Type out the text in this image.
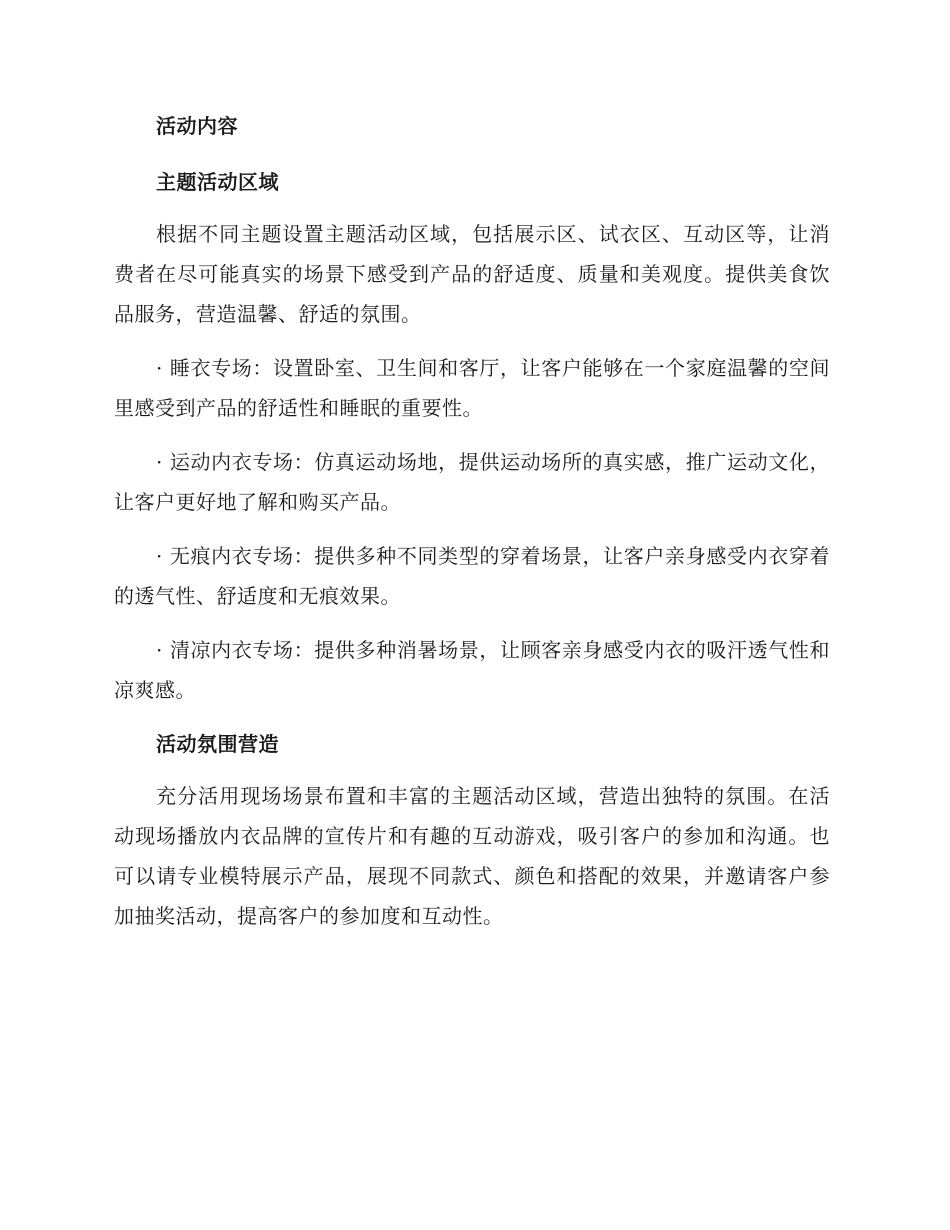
活动内容
主题活动区域

根据不同主题设置主题活动区域，包括展示区、试衣区、互动区等，让消费者在尽可能真实的场景下感受到产品的舒适度、质量和美观度。提供美食饮品服务，营造温馨、舒适的氛围。

· 睡衣专场：设置卧室、卫生间和客厅，让客户能够在一个家庭温馨的空间里感受到产品的舒适性和睡眠的重要性。

· 运动内衣专场：仿真运动场地，提供运动场所的真实感，推广运动文化，让客户更好地了解和购买产品。

· 无痕内衣专场：提供多种不同类型的穿着场景，让客户亲身感受内衣穿着的透气性、舒适度和无痕效果。

· 清凉内衣专场：提供多种消暑场景，让顾客亲身感受内衣的吸汗透气性和凉爽感。

活动氛围营造

充分活用现场场景布置和丰富的主题活动区域，营造出独特的氛围。在活动现场播放内衣品牌的宣传片和有趣的互动游戏，吸引客户的参加和沟通。也可以请专业模特展示产品，展现不同款式、颜色和搭配的效果，并邀请客户参加抽奖活动，提高客户的参加度和互动性。
